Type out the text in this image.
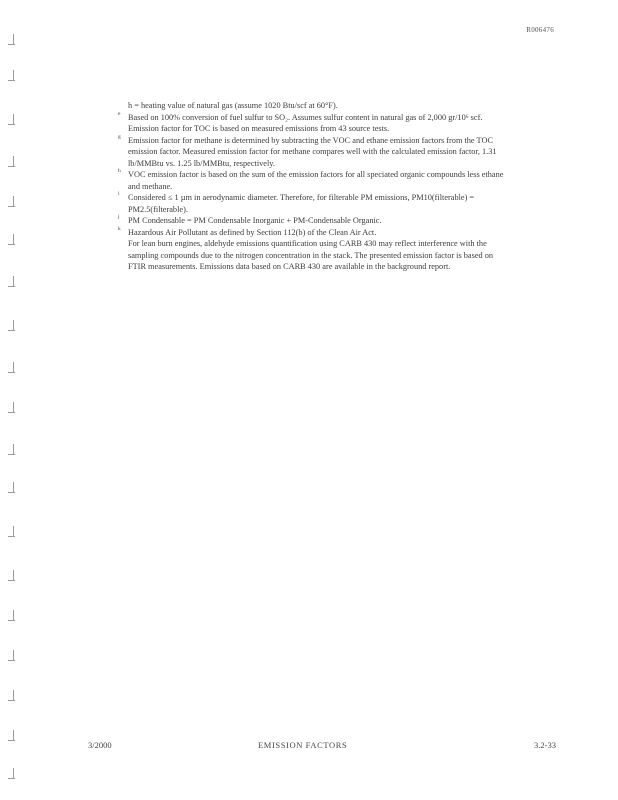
R006476
h = heating value of natural gas (assume 1020 Btu/scf at 60°F).
e Based on 100% conversion of fuel sulfur to SO₂. Assumes sulfur content in natural gas of 2,000 gr/10⁶ scf.
Emission factor for TOC is based on measured emissions from 43 source tests.
g Emission factor for methane is determined by subtracting the VOC and ethane emission factors from the TOC emission factor. Measured emission factor for methane compares well with the calculated emission factor, 1.31 lb/MMBtu vs. 1.25 lb/MMBtu, respectively.
h VOC emission factor is based on the sum of the emission factors for all speciated organic compounds less ethane and methane.
i Considered ≤ 1 µm in aerodynamic diameter. Therefore, for filterable PM emissions, PM10(filterable) = PM2.5(filterable).
j PM Condensable = PM Condensable Inorganic + PM-Condensable Organic.
k Hazardous Air Pollutant as defined by Section 112(b) of the Clean Air Act.
For lean burn engines, aldehyde emissions quantification using CARB 430 may reflect interference with the sampling compounds due to the nitrogen concentration in the stack. The presented emission factor is based on FTIR measurements. Emissions data based on CARB 430 are available in the background report.
3/2000	EMISSION FACTORS	3.2-33
